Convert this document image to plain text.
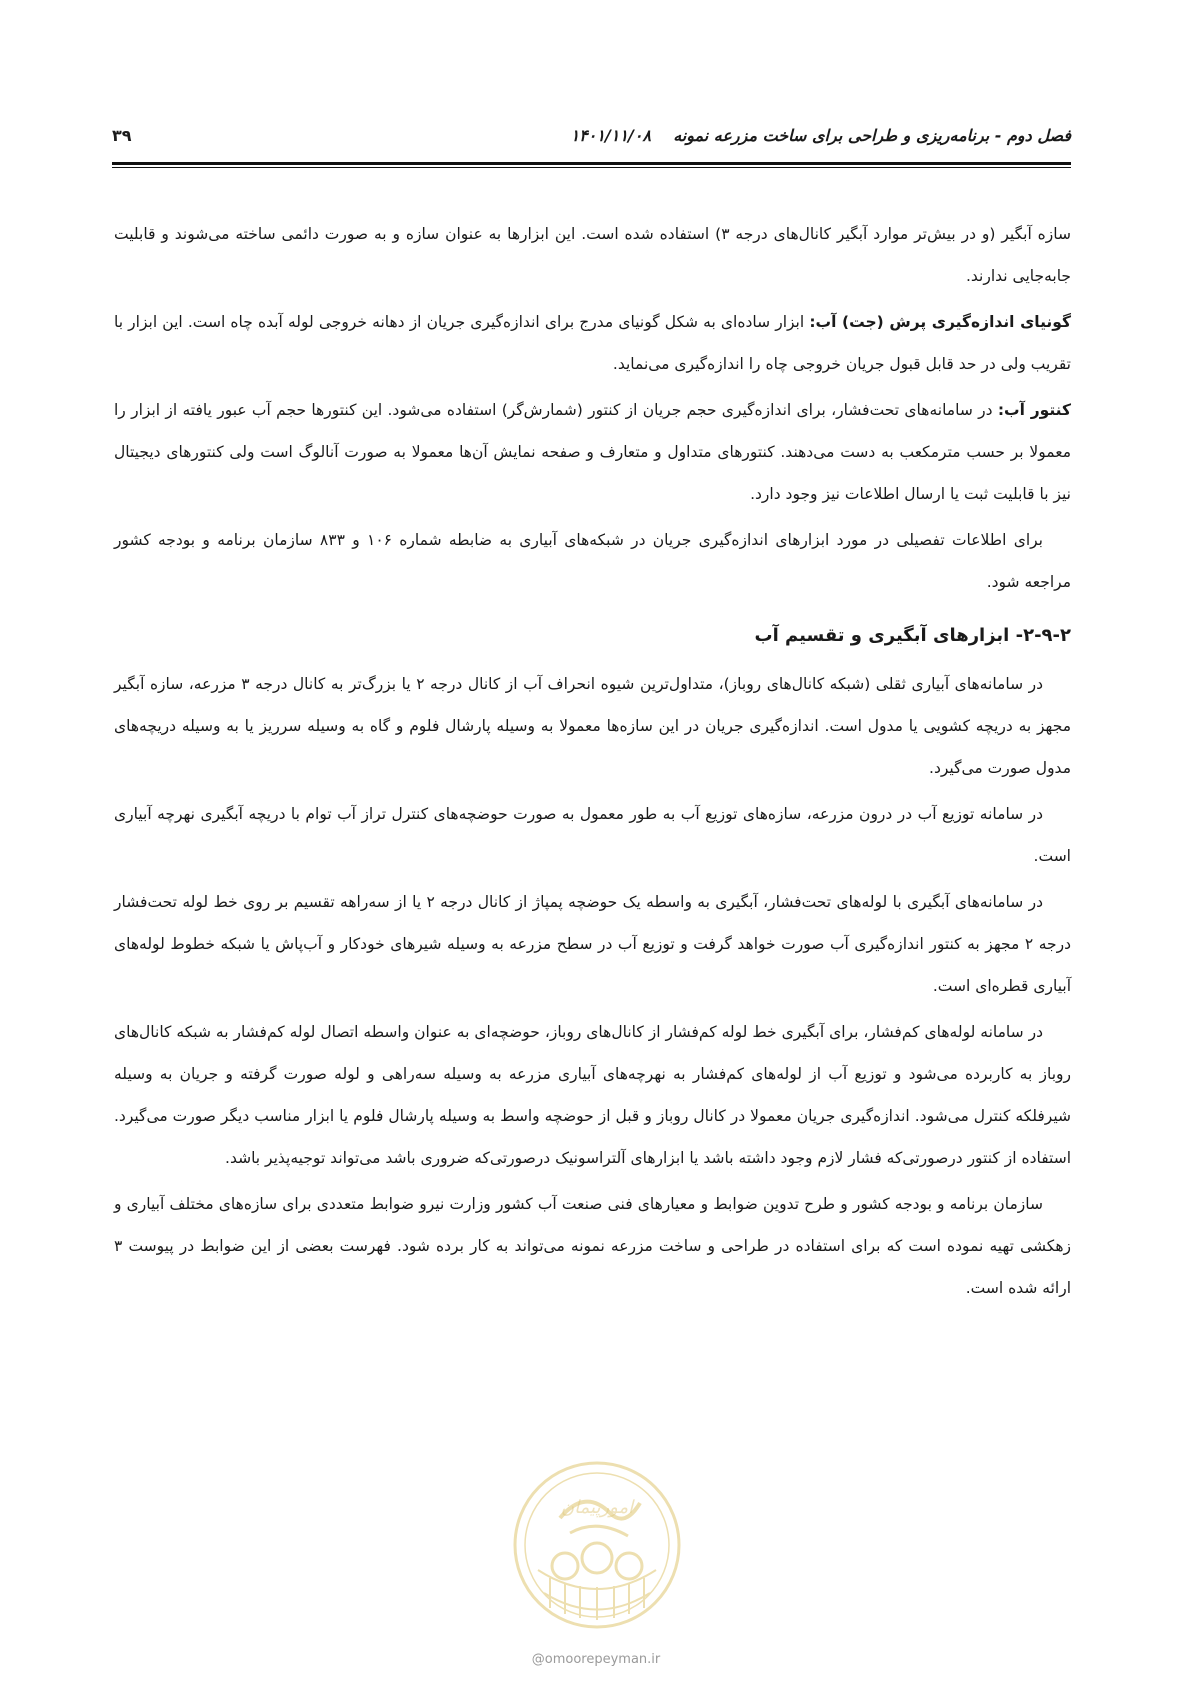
فصل دوم - برنامه‌ریزی و طراحی برای ساخت مزرعه نمونه
۱۴۰۱/۱۱/۰۸
۳۹

سازه آبگیر (و در بیش‌تر موارد آبگیر کانال‌های درجه ۳) استفاده شده است. این ابزارها به عنوان سازه و به صورت دائمی ساخته می‌شوند و قابلیت جابه‌جایی ندارند.

گونیای اندازه‌گیری پرش (جت) آب: ابزار ساده‌ای به شکل گونیای مدرج برای اندازه‌گیری جریان از دهانه خروجی لوله آبده چاه است. این ابزار با تقریب ولی در حد قابل قبول جریان خروجی چاه را اندازه‌گیری می‌نماید.

کنتور آب: در سامانه‌های تحت‌فشار، برای اندازه‌گیری حجم جریان از کنتور (شمارش‌گر) استفاده می‌شود. این کنتورها حجم آب عبور یافته از ابزار را معمولا بر حسب مترمکعب به دست می‌دهند. کنتورهای متداول و متعارف و صفحه نمایش آن‌ها معمولا به صورت آنالوگ است ولی کنتورهای دیجیتال نیز با قابلیت ثبت یا ارسال اطلاعات نیز وجود دارد.

برای اطلاعات تفصیلی در مورد ابزارهای اندازه‌گیری جریان در شبکه‌های آبیاری به ضابطه شماره ۱۰۶ و ۸۳۳ سازمان برنامه و بودجه کشور مراجعه شود.

۲-۹-۲- ابزارهای آبگیری و تقسیم آب

در سامانه‌های آبیاری ثقلی (شبکه کانال‌های روباز)، متداول‌ترین شیوه انحراف آب از کانال درجه ۲ یا بزرگ‌تر به کانال درجه ۳ مزرعه، سازه آبگیر مجهز به دریچه کشویی یا مدول است. اندازه‌گیری جریان در این سازه‌ها معمولا به وسیله پارشال فلوم و گاه به وسیله سرریز یا به وسیله دریچه‌های مدول صورت می‌گیرد.

در سامانه توزیع آب در درون مزرعه، سازه‌های توزیع آب به طور معمول به صورت حوضچه‌های کنترل تراز آب توام با دریچه آبگیری نهرچه آبیاری است.

در سامانه‌های آبگیری با لوله‌های تحت‌فشار، آبگیری به واسطه یک حوضچه پمپاژ از کانال درجه ۲ یا از سه‌راهه تقسیم بر روی خط لوله تحت‌فشار درجه ۲ مجهز به کنتور اندازه‌گیری آب صورت خواهد گرفت و توزیع آب در سطح مزرعه به وسیله شیرهای خودکار و آب‌پاش یا شبکه خطوط لوله‌های آبیاری قطره‌ای است.

در سامانه لوله‌های کم‌فشار، برای آبگیری خط لوله کم‌فشار از کانال‌های روباز، حوضچه‌ای به عنوان واسطه اتصال لوله کم‌فشار به شبکه کانال‌های روباز به کاربرده می‌شود و توزیع آب از لوله‌های کم‌فشار به نهرچه‌های آبیاری مزرعه به وسیله سه‌راهی و لوله صورت گرفته و جریان به وسیله شیرفلکه کنترل می‌شود. اندازه‌گیری جریان معمولا در کانال روباز و قبل از حوضچه واسط به وسیله پارشال فلوم یا ابزار مناسب دیگر صورت می‌گیرد. استفاده از کنتور درصورتی‌که فشار لازم وجود داشته باشد یا ابزارهای آلتراسونیک درصورتی‌که ضروری باشد می‌تواند توجیه‌پذیر باشد.

سازمان برنامه و بودجه کشور و طرح تدوین ضوابط و معیارهای فنی صنعت آب کشور وزارت نیرو ضوابط متعددی برای سازه‌های مختلف آبیاری و زهکشی تهیه نموده است که برای استفاده در طراحی و ساخت مزرعه نمونه می‌تواند به کار برده شود. فهرست بعضی از این ضوابط در پیوست ۳ ارائه شده است.

امورپیمان
@omoorepeyman.ir
